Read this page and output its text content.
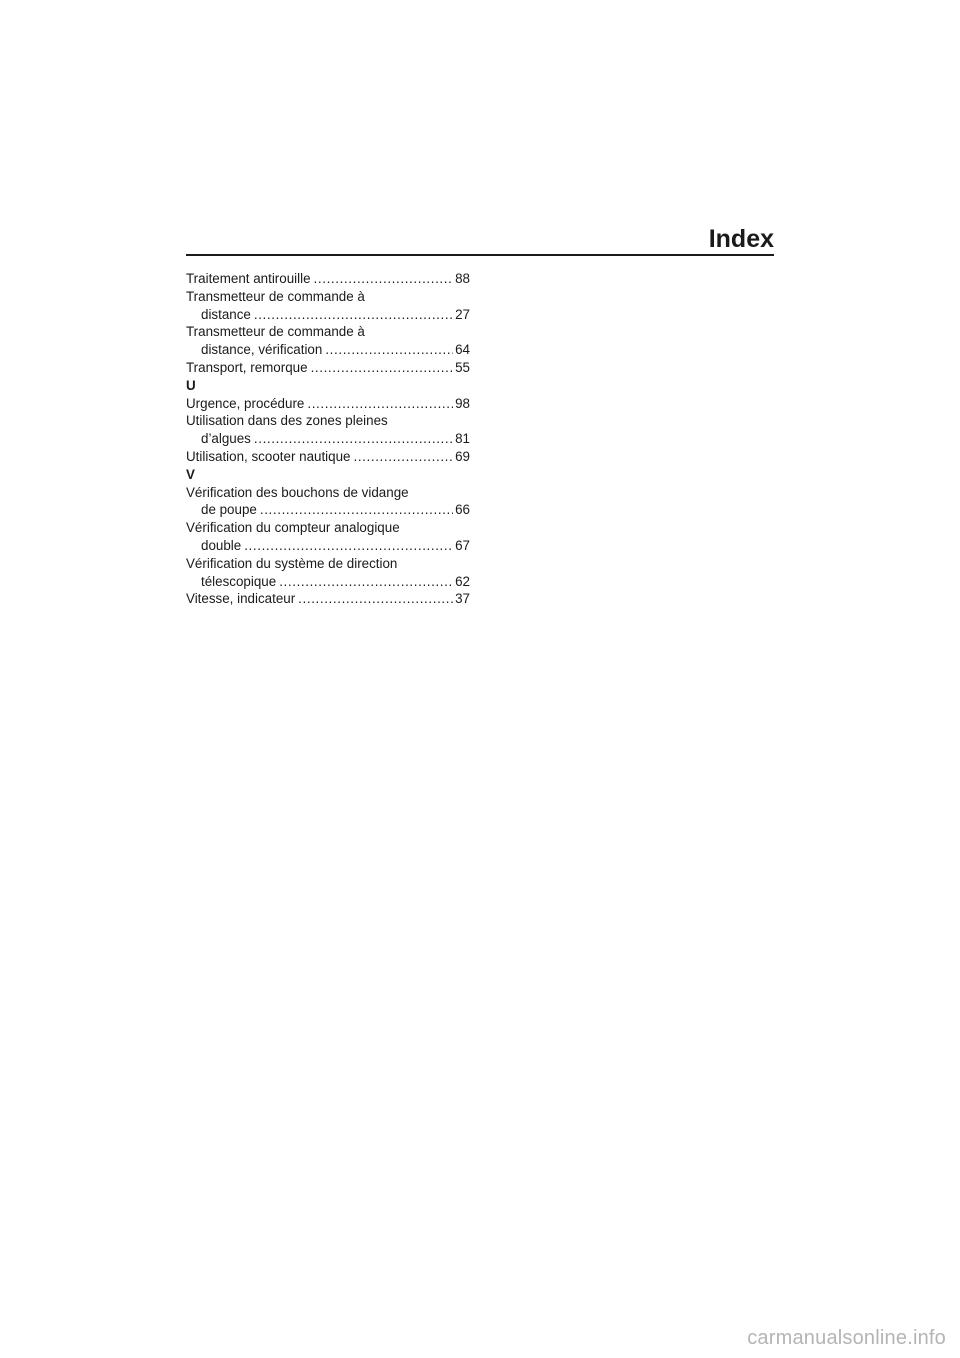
Index
Traitement antirouille . . .	88
Transmetteur de commande à
distance . . .	27
Transmetteur de commande à
distance, vérification . . .	64
Transport, remorque . . .	55
U
Urgence, procédure . . .	98
Utilisation dans des zones pleines
d’algues . . .	81
Utilisation, scooter nautique . . .	69
V
Vérification des bouchons de vidange
de poupe . . .	66
Vérification du compteur analogique
double . . .	67
Vérification du système de direction
télescopique . . .	62
Vitesse, indicateur . . .	37
carmanualsonline.info
